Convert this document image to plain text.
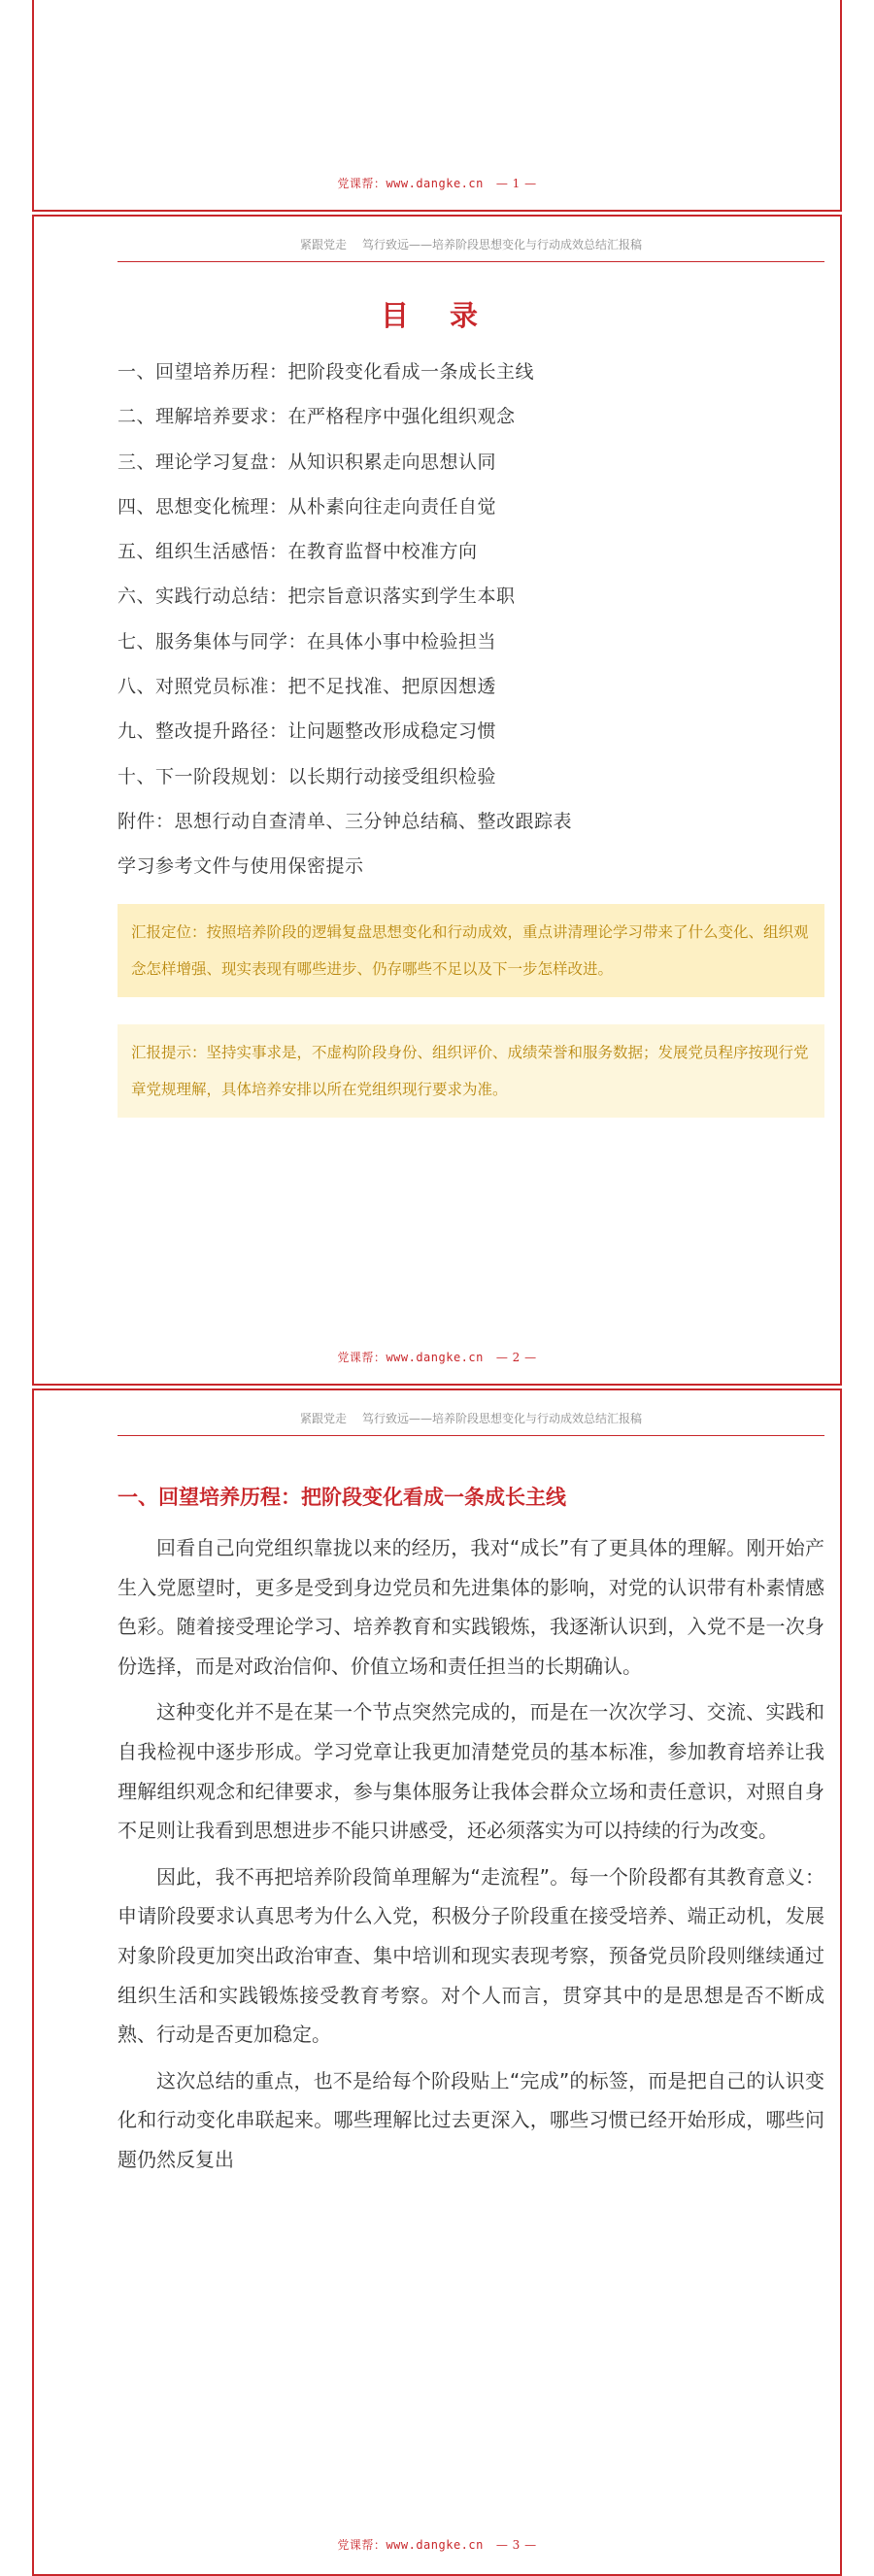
党课帮：www.dangke.cn — 1 —
紧跟党走 笃行致远——培养阶段思想变化与行动成效总结汇报稿
目 录
一、回望培养历程：把阶段变化看成一条成长主线
二、理解培养要求：在严格程序中强化组织观念
三、理论学习复盘：从知识积累走向思想认同
四、思想变化梳理：从朴素向往走向责任自觉
五、组织生活感悟：在教育监督中校准方向
六、实践行动总结：把宗旨意识落实到学生本职
七、服务集体与同学：在具体小事中检验担当
八、对照党员标准：把不足找准、把原因想透
九、整改提升路径：让问题整改形成稳定习惯
十、下一阶段规划：以长期行动接受组织检验
附件：思想行动自查清单、三分钟总结稿、整改跟踪表
学习参考文件与使用保密提示
汇报定位：按照培养阶段的逻辑复盘思想变化和行动成效，重点讲清理论学习带来了什么变化、组织观念怎样增强、现实表现有哪些进步、仍存哪些不足以及下一步怎样改进。
汇报提示：坚持实事求是，不虚构阶段身份、组织评价、成绩荣誉和服务数据；发展党员程序按现行党章党规理解，具体培养安排以所在党组织现行要求为准。
党课帮：www.dangke.cn — 2 —
紧跟党走 笃行致远——培养阶段思想变化与行动成效总结汇报稿
一、回望培养历程：把阶段变化看成一条成长主线

回看自己向党组织靠拢以来的经历，我对“成长”有了更具体的理解。刚开始产生入党愿望时，更多是受到身边党员和先进集体的影响，对党的认识带有朴素情感色彩。随着接受理论学习、培养教育和实践锻炼，我逐渐认识到，入党不是一次身份选择，而是对政治信仰、价值立场和责任担当的长期确认。

这种变化并不是在某一个节点突然完成的，而是在一次次学习、交流、实践和自我检视中逐步形成。学习党章让我更加清楚党员的基本标准，参加教育培养让我理解组织观念和纪律要求，参与集体服务让我体会群众立场和责任意识，对照自身不足则让我看到思想进步不能只讲感受，还必须落实为可以持续的行为改变。

因此，我不再把培养阶段简单理解为“走流程”。每一个阶段都有其教育意义：申请阶段要求认真思考为什么入党，积极分子阶段重在接受培养、端正动机，发展对象阶段更加突出政治审查、集中培训和现实表现考察，预备党员阶段则继续通过组织生活和实践锻炼接受教育考察。对个人而言，贯穿其中的是思想是否不断成熟、行动是否更加稳定。

这次总结的重点，也不是给每个阶段贴上“完成”的标签，而是把自己的认识变化和行动变化串联起来。哪些理解比过去更深入，哪些习惯已经开始形成，哪些问题仍然反复出

党课帮：www.dangke.cn — 3 —
